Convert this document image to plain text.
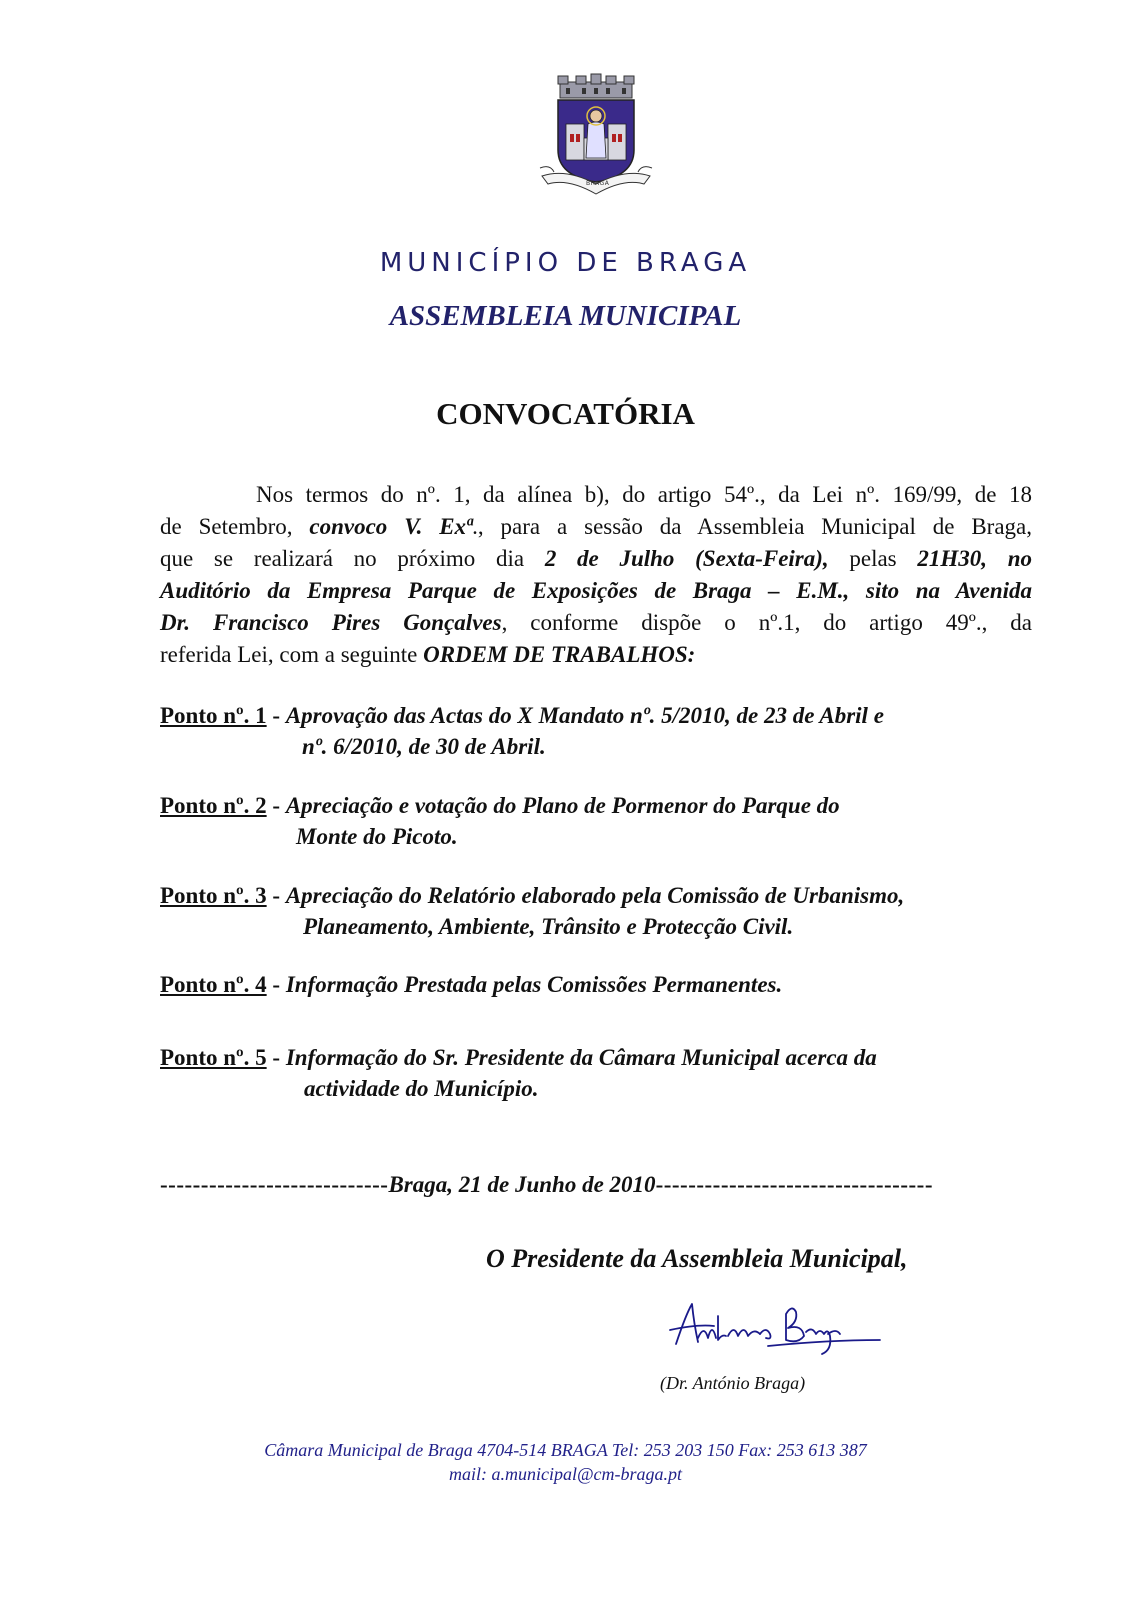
BRAGA
MUNICÍPIO DE BRAGA
ASSEMBLEIA MUNICIPAL
CONVOCATÓRIA
Nos termos do nº. 1, da alínea b), do artigo 54º., da Lei nº. 169/99, de 18
de Setembro, convoco V. Exª., para a sessão da Assembleia Municipal de Braga,
que se realizará no próximo dia 2 de Julho (Sexta-Feira), pelas 21H30, no
Auditório da Empresa Parque de Exposições de Braga – E.M., sito na Avenida
Dr. Francisco Pires Gonçalves, conforme dispõe o nº.1, do artigo 49º., da
referida Lei, com a seguinte ORDEM DE TRABALHOS:
Ponto nº. 1 - Aprovação das Actas do X Mandato nº. 5/2010, de 23 de Abril e
nº. 6/2010, de 30 de Abril.
Ponto nº. 2 - Apreciação e votação do Plano de Pormenor do Parque do
Monte do Picoto.
Ponto nº. 3 - Apreciação do Relatório elaborado pela Comissão de Urbanismo,
Planeamento, Ambiente, Trânsito e Protecção Civil.
Ponto nº. 4 - Informação Prestada pelas Comissões Permanentes.
Ponto nº. 5 - Informação do Sr. Presidente da Câmara Municipal acerca da
actividade do Município.
----------------------------Braga, 21 de Junho de 2010----------------------------------
O Presidente da Assembleia Municipal,
(Dr. António Braga)
Câmara Municipal de Braga 4704-514 BRAGA Tel: 253 203 150 Fax: 253 613 387
mail: a.municipal@cm-braga.pt
